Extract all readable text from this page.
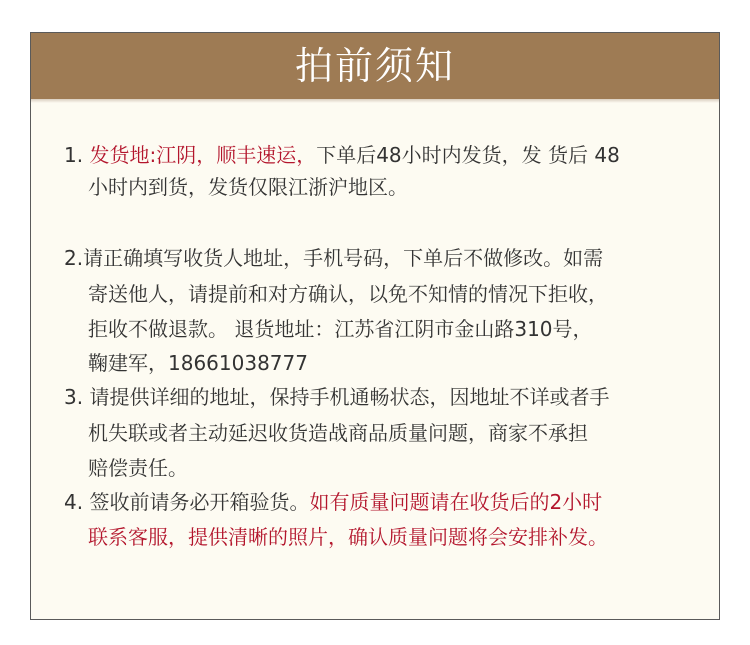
拍前须知
1. 发货地:江阴，顺丰速运，下单后48小时内发货，发 货后 48
小时内到货，发货仅限江浙沪地区。
2.请正确填写收货人地址，手机号码，下单后不做修改。如需
寄送他人，请提前和对方确认，以免不知情的情况下拒收，
拒收不做退款。 退货地址：江苏省江阴市金山路310号，
鞠建军，18661038777
3. 请提供详细的地址，保持手机通畅状态，因地址不详或者手
机失联或者主动延迟收货造战商品质量问题，商家不承担
赔偿责任。
4. 签收前请务必开箱验货。如有质量问题请在收货后的2小时
联系客服，提供清晰的照片，确认质量问题将会安排补发。
